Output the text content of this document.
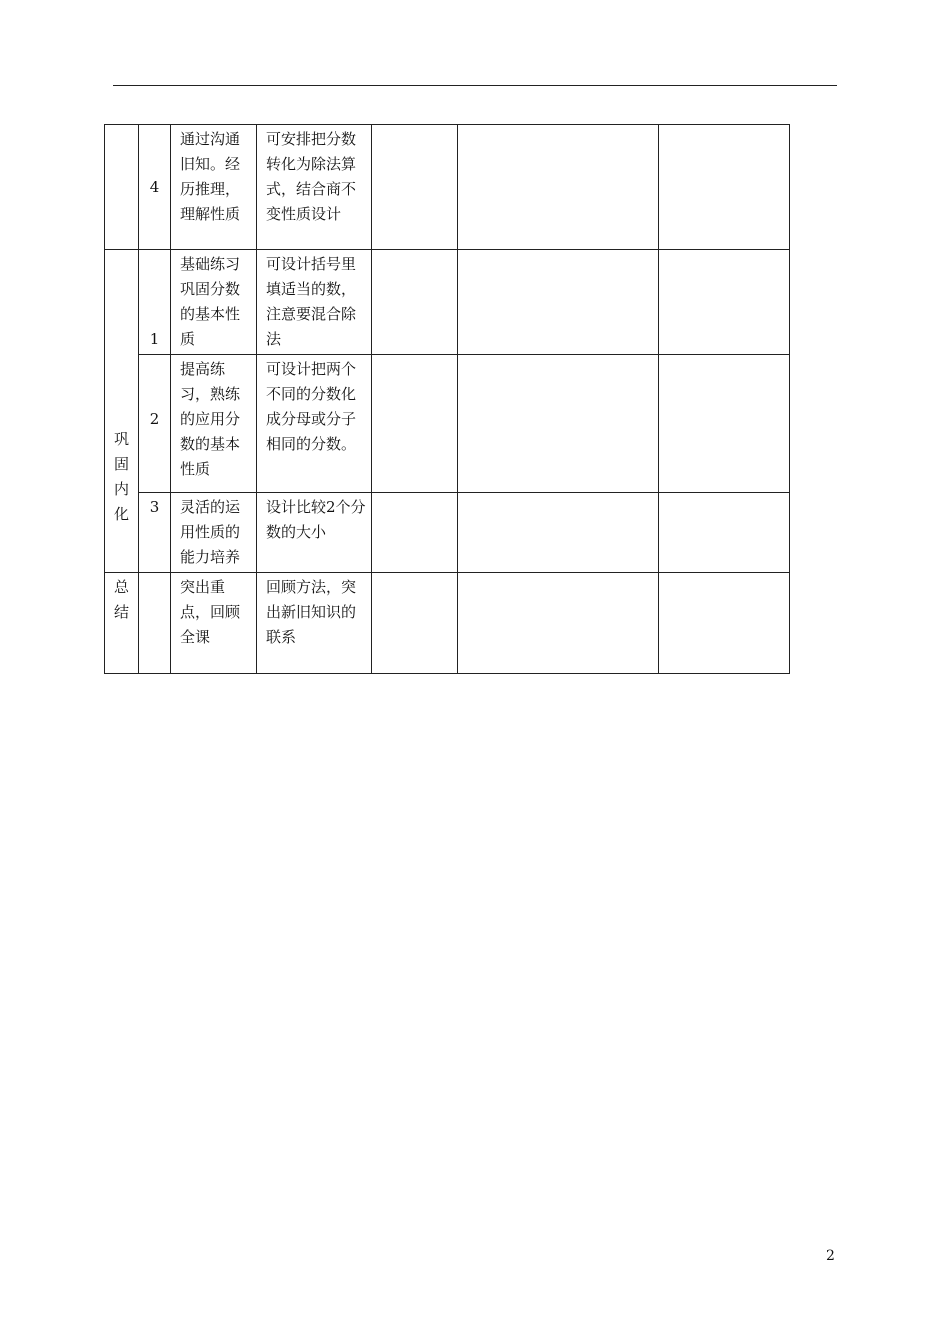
	4	通过沟通旧知。经历推理，理解性质	可安排把分数转化为除法算式，结合商不变性质设计			

巩固内化	1	基础练习巩固分数的基本性质	可设计括号里填适当的数，注意要混合除法			

	2	提高练习，熟练的应用分数的基本性质	可设计把两个不同的分数化成分母或分子相同的分数。			

	3	灵活的运用性质的能力培养	设计比较2个分数的大小			

总结		突出重点，回顾全课	回顾方法，突出新旧知识的联系			

2
